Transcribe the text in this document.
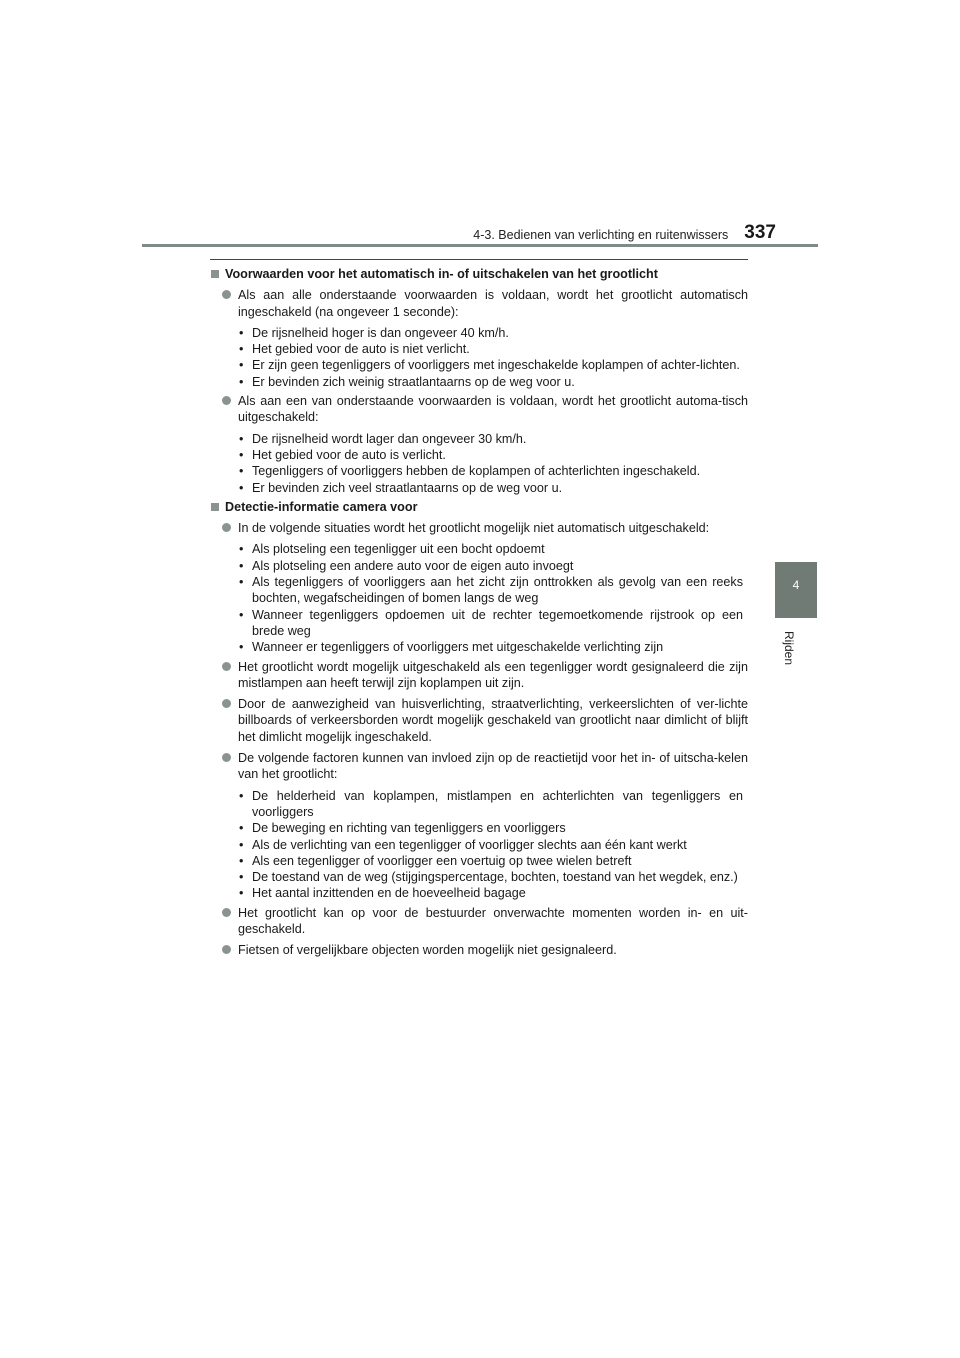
4-3. Bedienen van verlichting en ruitenwissers 337
4
Rijden
Voorwaarden voor het automatisch in- of uitschakelen van het grootlicht
Als aan alle onderstaande voorwaarden is voldaan, wordt het grootlicht automatisch ingeschakeld (na ongeveer 1 seconde):
• De rijsnelheid hoger is dan ongeveer 40 km/h.
• Het gebied voor de auto is niet verlicht.
• Er zijn geen tegenliggers of voorliggers met ingeschakelde koplampen of achter-lichten.
• Er bevinden zich weinig straatlantaarns op de weg voor u.
Als aan een van onderstaande voorwaarden is voldaan, wordt het grootlicht automa-tisch uitgeschakeld:
• De rijsnelheid wordt lager dan ongeveer 30 km/h.
• Het gebied voor de auto is verlicht.
• Tegenliggers of voorliggers hebben de koplampen of achterlichten ingeschakeld.
• Er bevinden zich veel straatlantaarns op de weg voor u.
Detectie-informatie camera voor
In de volgende situaties wordt het grootlicht mogelijk niet automatisch uitgeschakeld:
• Als plotseling een tegenligger uit een bocht opdoemt
• Als plotseling een andere auto voor de eigen auto invoegt
• Als tegenliggers of voorliggers aan het zicht zijn onttrokken als gevolg van een reeks bochten, wegafscheidingen of bomen langs de weg
• Wanneer tegenliggers opdoemen uit de rechter tegemoetkomende rijstrook op een brede weg
• Wanneer er tegenliggers of voorliggers met uitgeschakelde verlichting zijn
Het grootlicht wordt mogelijk uitgeschakeld als een tegenligger wordt gesignaleerd die zijn mistlampen aan heeft terwijl zijn koplampen uit zijn.
Door de aanwezigheid van huisverlichting, straatverlichting, verkeerslichten of ver-lichte billboards of verkeersborden wordt mogelijk geschakeld van grootlicht naar dimlicht of blijft het dimlicht mogelijk ingeschakeld.
De volgende factoren kunnen van invloed zijn op de reactietijd voor het in- of uitscha-kelen van het grootlicht:
• De helderheid van koplampen, mistlampen en achterlichten van tegenliggers en voorliggers
• De beweging en richting van tegenliggers en voorliggers
• Als de verlichting van een tegenligger of voorligger slechts aan één kant werkt
• Als een tegenligger of voorligger een voertuig op twee wielen betreft
• De toestand van de weg (stijgingspercentage, bochten, toestand van het wegdek, enz.)
• Het aantal inzittenden en de hoeveelheid bagage
Het grootlicht kan op voor de bestuurder onverwachte momenten worden in- en uit-geschakeld.
Fietsen of vergelijkbare objecten worden mogelijk niet gesignaleerd.
